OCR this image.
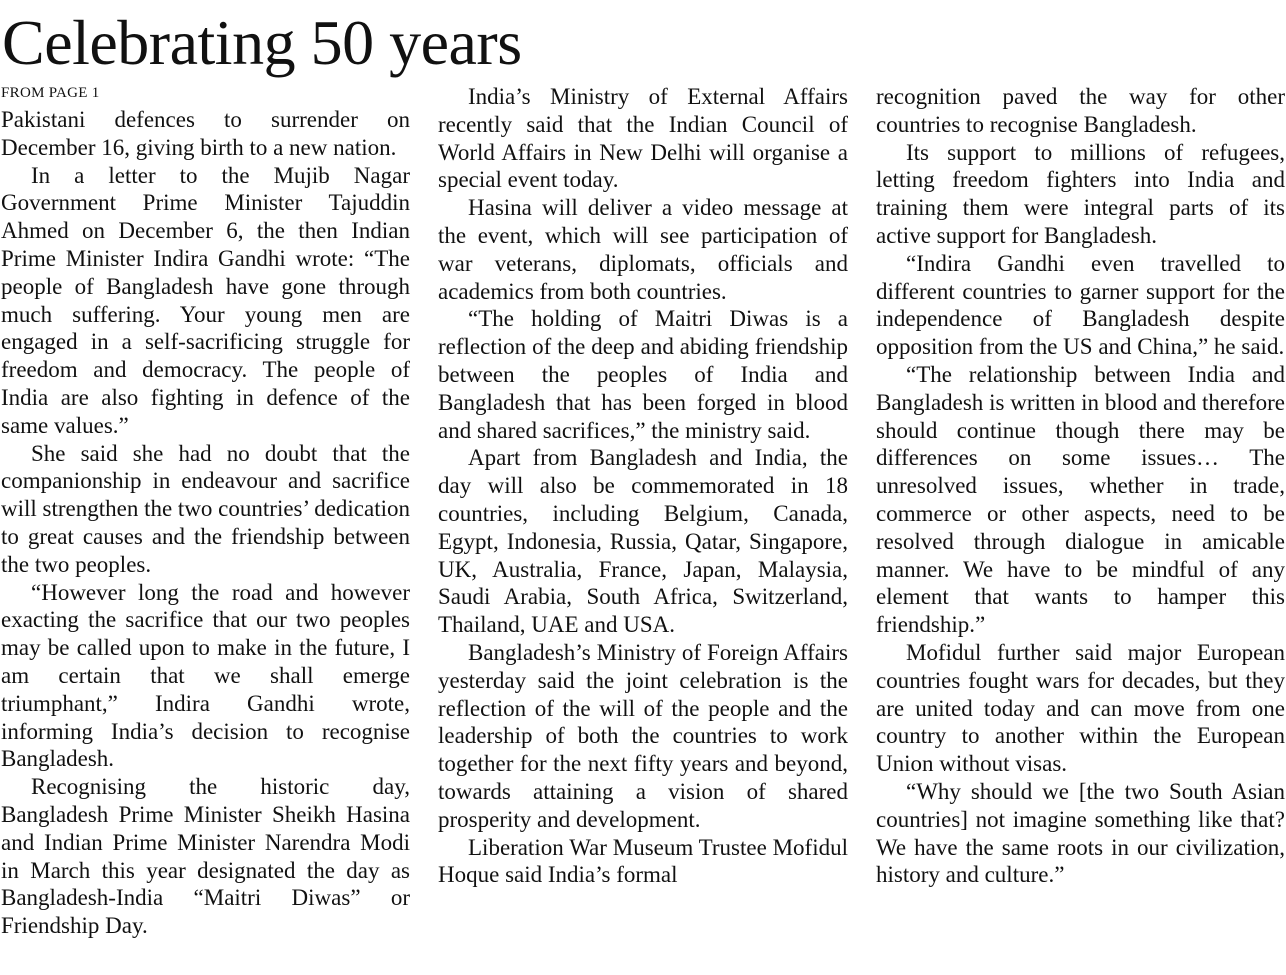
Celebrating 50 years
FROM PAGE 1

Pakistani defences to surrender on December 16, giving birth to a new nation.

In a letter to the Mujib Nagar Government Prime Minister Tajuddin Ahmed on December 6, the then Indian Prime Minister Indira Gandhi wrote: “The people of Bangladesh have gone through much suffering. Your young men are engaged in a self-sacrificing struggle for freedom and democracy. The people of India are also fighting in defence of the same values.”

She said she had no doubt that the companionship in endeavour and sacrifice will strengthen the two countries’ dedication to great causes and the friendship between the two peoples.

“However long the road and however exacting the sacrifice that our two peoples may be called upon to make in the future, I am certain that we shall emerge triumphant,” Indira Gandhi wrote, informing India’s decision to recognise Bangladesh.

Recognising the historic day, Bangladesh Prime Minister Sheikh Hasina and Indian Prime Minister Narendra Modi in March this year designated the day as Bangladesh-India “Maitri Diwas” or Friendship Day.

India’s Ministry of External Affairs recently said that the Indian Council of World Affairs in New Delhi will organise a special event today.

Hasina will deliver a video message at the event, which will see participation of war veterans, diplomats, officials and academics from both countries.

“The holding of Maitri Diwas is a reflection of the deep and abiding friendship between the peoples of India and Bangladesh that has been forged in blood and shared sacrifices,” the ministry said.

Apart from Bangladesh and India, the day will also be commemorated in 18 countries, including Belgium, Canada, Egypt, Indonesia, Russia, Qatar, Singapore, UK, Australia, France, Japan, Malaysia, Saudi Arabia, South Africa, Switzerland, Thailand, UAE and USA.

Bangladesh’s Ministry of Foreign Affairs yesterday said the joint celebration is the reflection of the will of the people and the leadership of both the countries to work together for the next fifty years and beyond, towards attaining a vision of shared prosperity and development.

Liberation War Museum Trustee Mofidul Hoque said India’s formal

recognition paved the way for other countries to recognise Bangladesh.

Its support to millions of refugees, letting freedom fighters into India and training them were integral parts of its active support for Bangladesh.

“Indira Gandhi even travelled to different countries to garner support for the independence of Bangladesh despite opposition from the US and China,” he said.

“The relationship between India and Bangladesh is written in blood and therefore should continue though there may be differences on some issues… The unresolved issues, whether in trade, commerce or other aspects, need to be resolved through dialogue in amicable manner. We have to be mindful of any element that wants to hamper this friendship.”

Mofidul further said major European countries fought wars for decades, but they are united today and can move from one country to another within the European Union without visas.

“Why should we [the two South Asian countries] not imagine something like that? We have the same roots in our civilization, history and culture.”
